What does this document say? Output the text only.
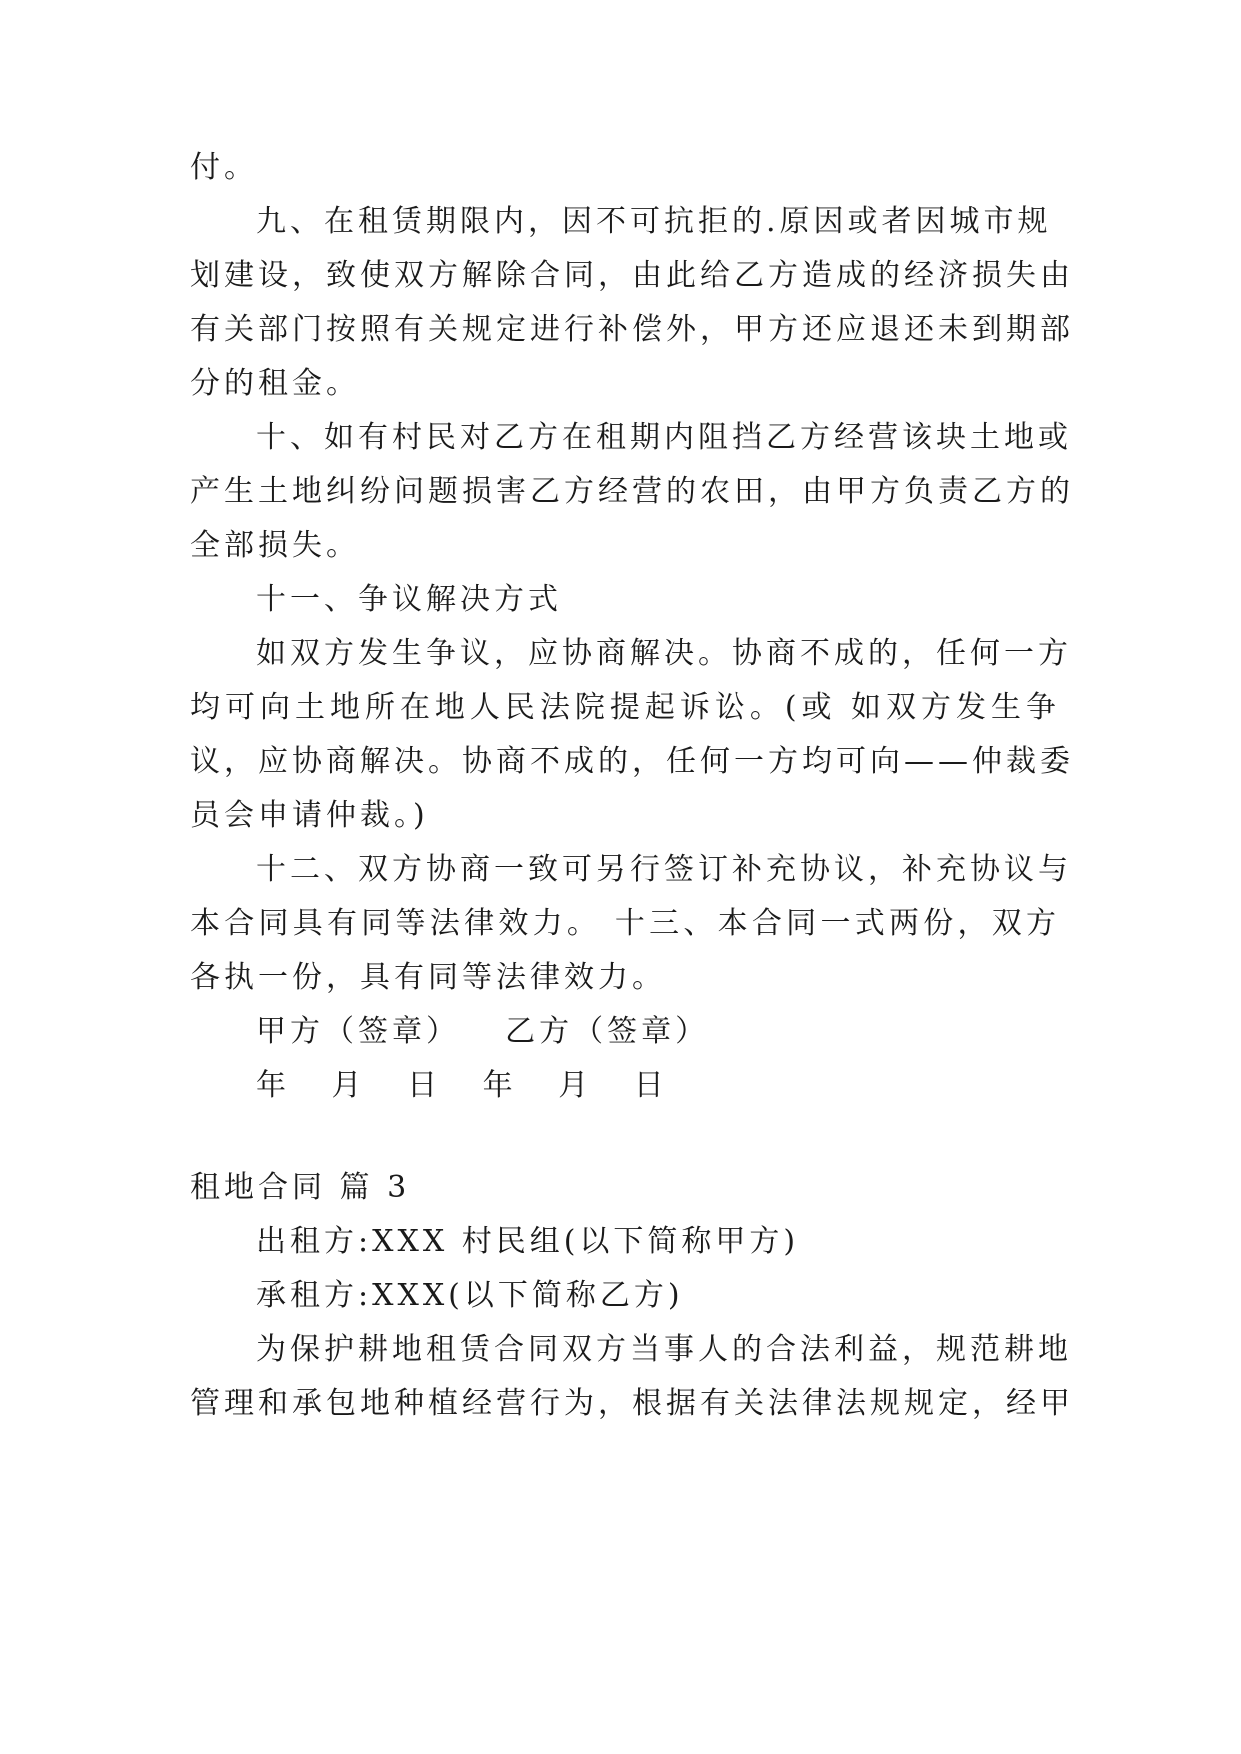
付。
九、在租赁期限内，因不可抗拒的.原因或者因城市规
划建设，致使双方解除合同，由此给乙方造成的经济损失由
有关部门按照有关规定进行补偿外，甲方还应退还未到期部
分的租金。
十、如有村民对乙方在租期内阻挡乙方经营该块土地或
产生土地纠纷问题损害乙方经营的农田，由甲方负责乙方的
全部损失。
十一、争议解决方式
如双方发生争议，应协商解决。协商不成的，任何一方
均可向土地所在地人民法院提起诉讼。(或 如双方发生争
议，应协商解决。协商不成的，任何一方均可向——仲裁委
员会申请仲裁。)
十二、双方协商一致可另行签订补充协议，补充协议与
本合同具有同等法律效力。 十三、本合同一式两份，双方
各执一份，具有同等法律效力。
甲方（签章） 乙方（签章）
年 月 日 年 月 日
租地合同 篇 3
出租方:XXX 村民组(以下简称甲方)
承租方:XXX(以下简称乙方)
为保护耕地租赁合同双方当事人的合法利益，规范耕地
管理和承包地种植经营行为，根据有关法律法规规定，经甲
